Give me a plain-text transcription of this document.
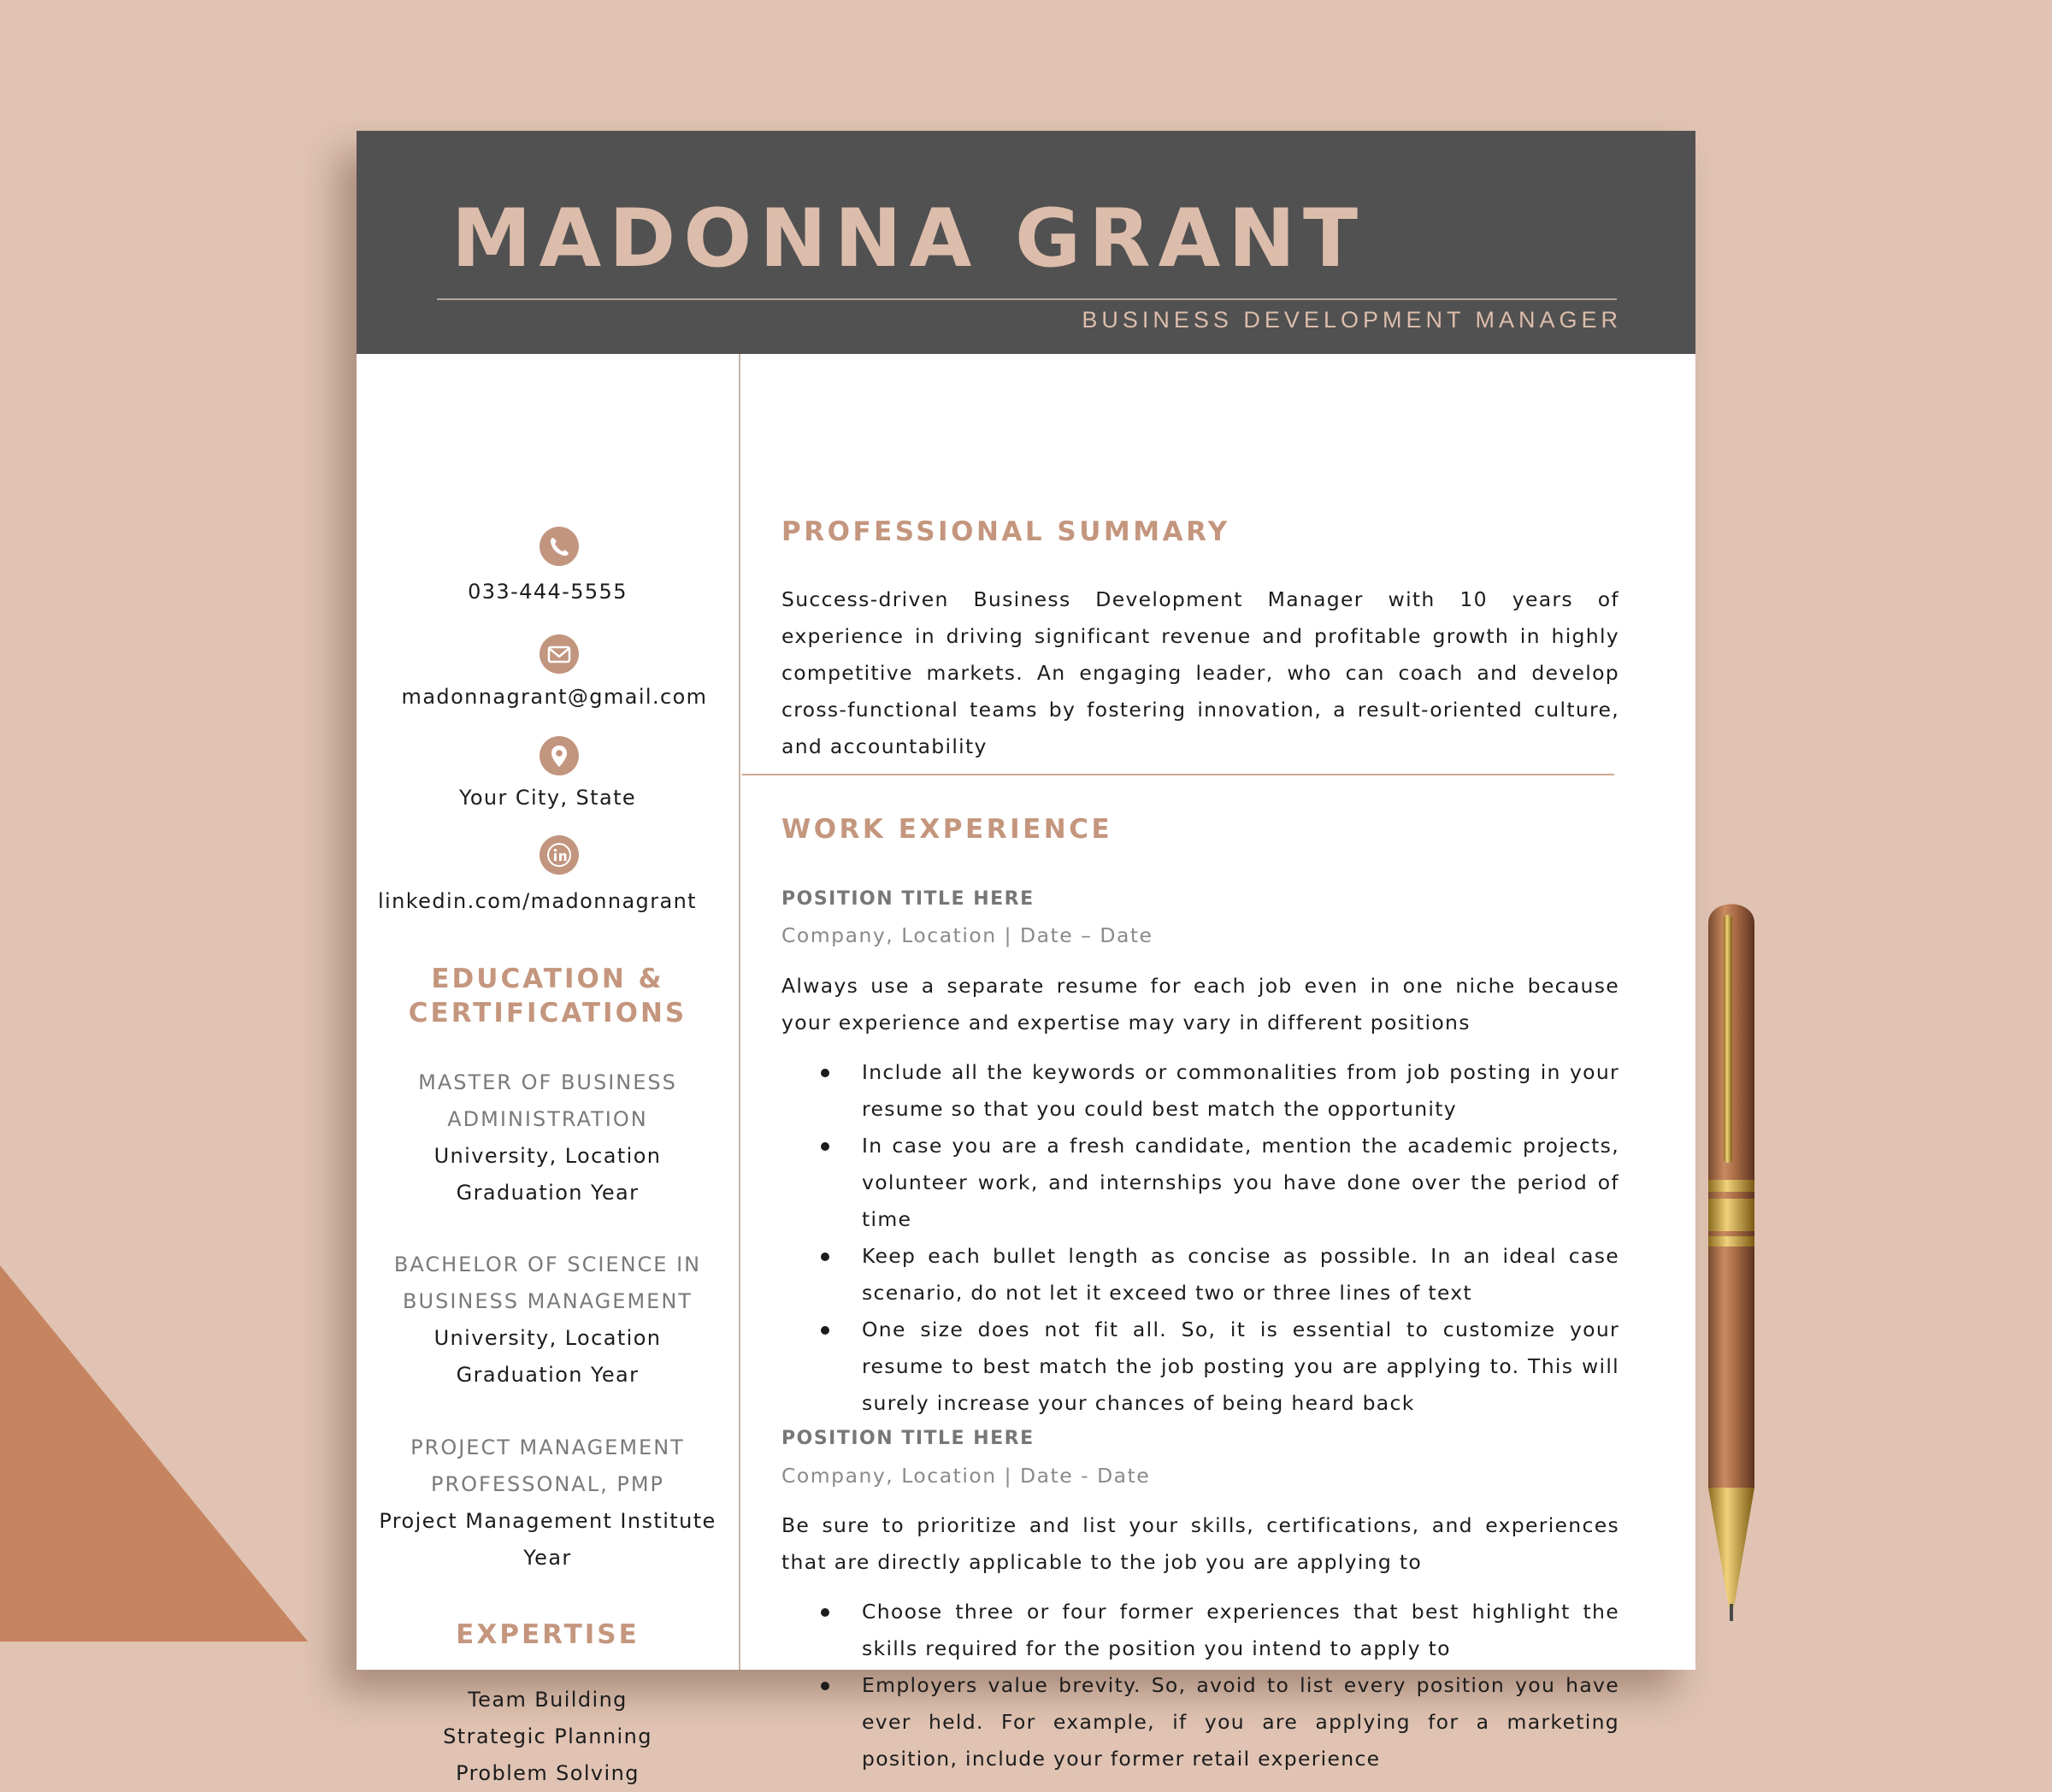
MADONNA GRANT

BUSINESS DEVELOPMENT MANAGER

033-444-5555
madonnagrant@gmail.com
Your City, State
linkedin.com/madonnagrant
EDUCATION &
CERTIFICATIONS
MASTER OF BUSINESS
ADMINISTRATION
University, Location
Graduation Year
BACHELOR OF SCIENCE IN
BUSINESS MANAGEMENT
University, Location
Graduation Year
PROJECT MANAGEMENT
PROFESSONAL, PMP
Project Management Institute
Year
EXPERTISE
Team Building
Strategic Planning
Problem Solving
PROFESSIONAL SUMMARY

Success-driven Business Development Manager with 10 years of experience in driving significant revenue and profitable growth in highly competitive markets. An engaging leader, who can coach and develop cross-functional teams by fostering innovation, a result-oriented culture, and accountability

WORK EXPERIENCE

POSITION TITLE HERE

Company, Location | Date – Date

Always use a separate resume for each job even in one niche because your experience and expertise may vary in different positions

Include all the keywords or commonalities from job posting in your resume so that you could best match the opportunity
In case you are a fresh candidate, mention the academic projects, volunteer work, and internships you have done over the period of time
Keep each bullet length as concise as possible. In an ideal case scenario, do not let it exceed two or three lines of text
One size does not fit all. So, it is essential to customize your resume to best match the job posting you are applying to. This will surely increase your chances of being heard back

POSITION TITLE HERE

Company, Location | Date - Date

Be sure to prioritize and list your skills, certifications, and experiences that are directly applicable to the job you are applying to

Choose three or four former experiences that best highlight the skills required for the position you intend to apply to
Employers value brevity. So, avoid to list every position you have ever held. For example, if you are applying for a marketing position, include your former retail experience
